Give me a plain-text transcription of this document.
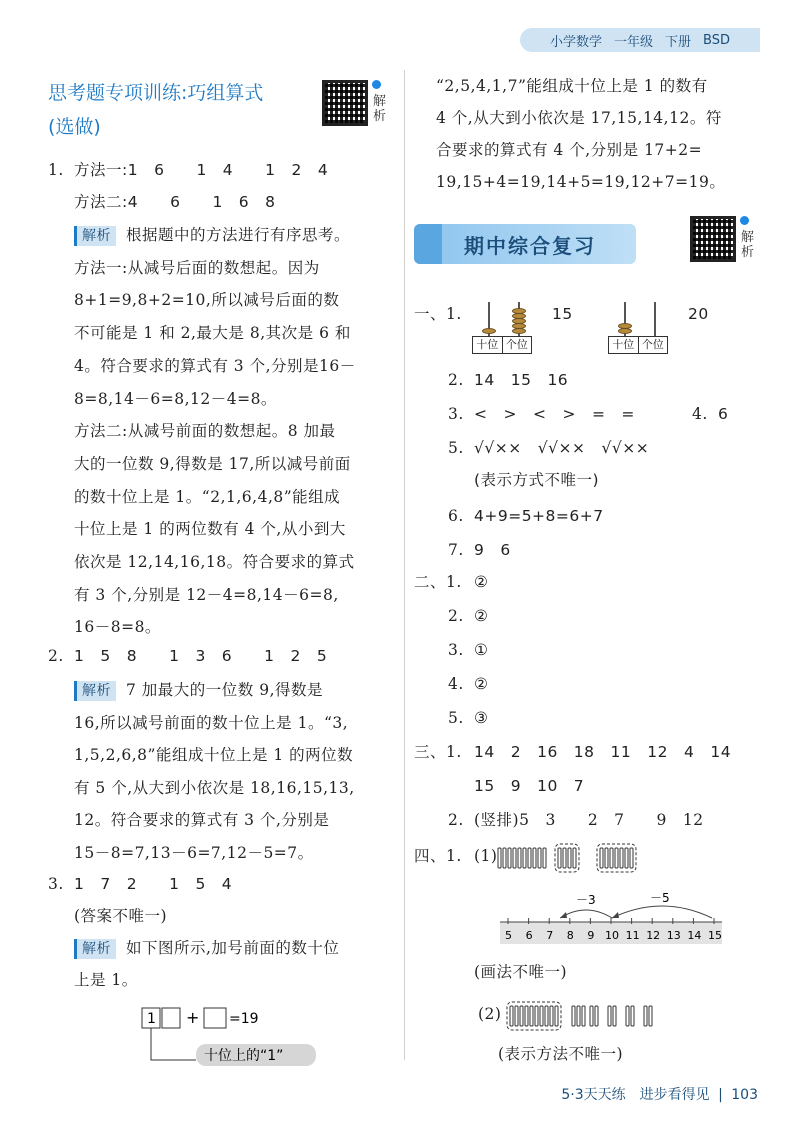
小学数学 一年级 下册 BSD
思考题专项训练:巧组算式
(选做)
解析
1. 方法一:1　6　　1　4　　1　2　4
方法二:4　　6　　1　6　8
解析 根据题中的方法进行有序思考。
方法一:从减号后面的数想起。因为
8+1=9,8+2=10,所以减号后面的数
不可能是 1 和 2,最大是 8,其次是 6 和
4。符合要求的算式有 3 个,分别是16－
8=8,14－6=8,12－4=8。
方法二:从减号前面的数想起。8 加最
大的一位数 9,得数是 17,所以减号前面
的数十位上是 1。“2,1,6,4,8”能组成
十位上是 1 的两位数有 4 个,从小到大
依次是 12,14,16,18。符合要求的算式
有 3 个,分别是 12－4=8,14－6=8,
16－8=8。
2. 1　5　8　　1　3　6　　1　2　5
解析 7 加最大的一位数 9,得数是
16,所以减号前面的数十位上是 1。“3,
1,5,2,6,8”能组成十位上是 1 的两位数
有 5 个,从大到小依次是 18,16,15,13,
12。符合要求的算式有 3 个,分别是
15－8=7,13－6=7,12－5=7。
3. 1　7　2　　1　5　4
(答案不唯一)
解析 如下图所示,加号前面的数十位
上是 1。
1 + =19
十位上的“1”
“2,5,4,1,7”能组成十位上是 1 的数有
4 个,从大到小依次是 17,15,14,12。符
合要求的算式有 4 个,分别是 17+2=
19,15+4=19,14+5=19,12+7=19。
期中综合复习	解析
一、1.
十位 个位
15
十位 个位
20
2. 14　15　16
3. <　>　<　>　=　=	4. 6
5. √√××　√√××　√√××
(表示方式不唯一)
6. 4+9=5+8=6+7
7. 9　6
二、1. ②
2. ②
3. ①
4. ②
5. ③
三、1. 14　2　16　18　11　12　4　14
15　9　10　7
2. (竖排)5　3　　2　7　　9　12
四、1. (1)
－3	－5
5 6 7 8 9 10 11 12 13 14 15
(画法不唯一)
(2)
(表示方法不唯一)
5·3天天练　进步看得见 | 103
